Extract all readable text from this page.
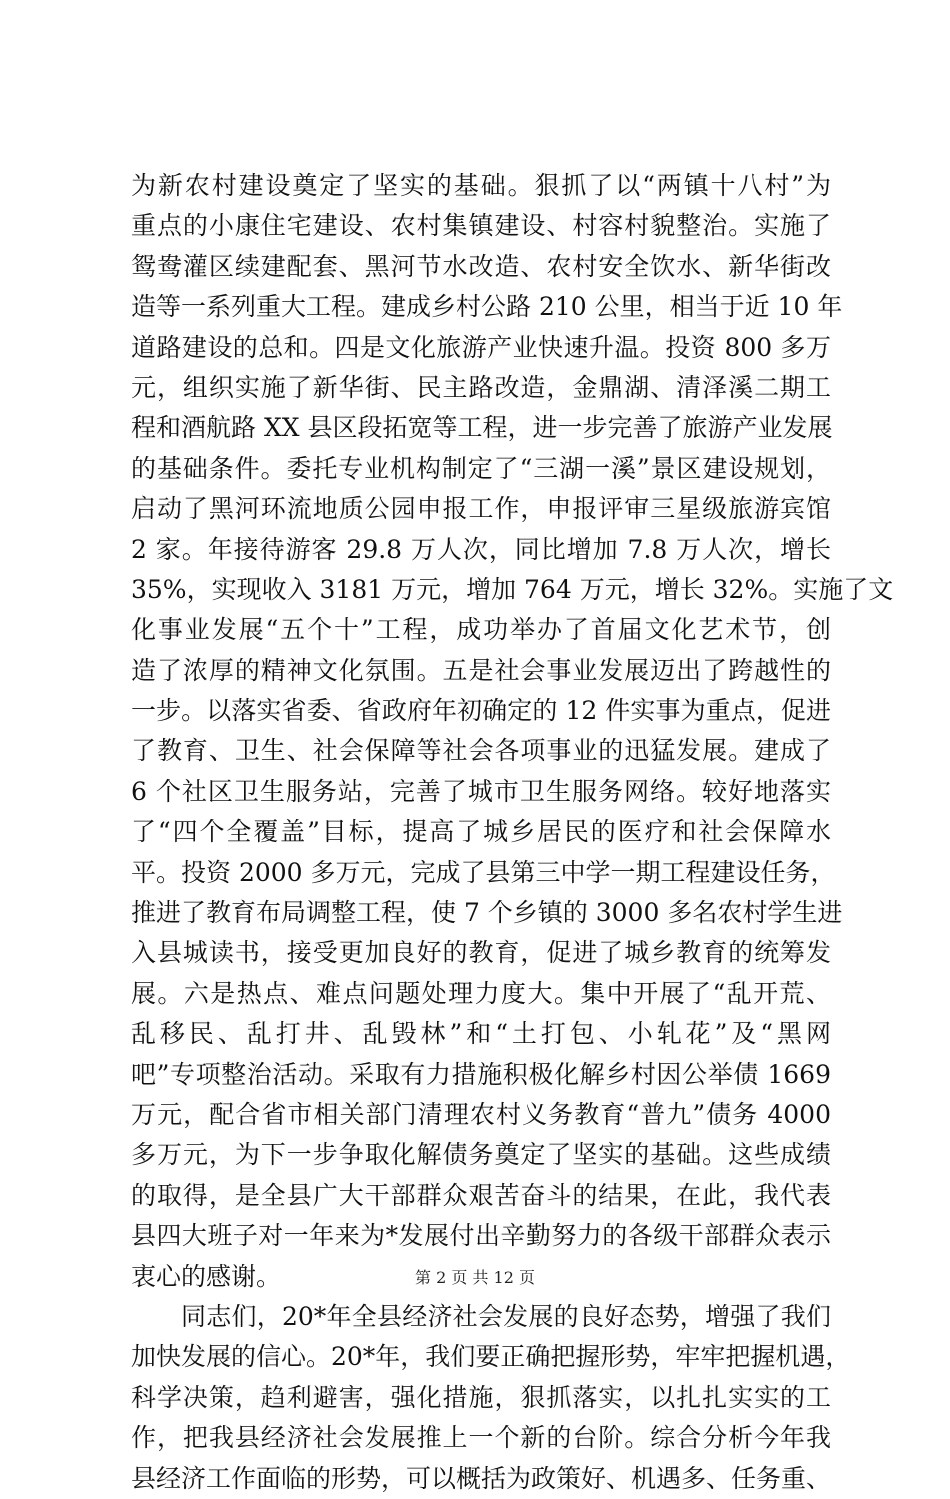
为新农村建设奠定了坚实的基础。狠抓了以“两镇十八村”为
重点的小康住宅建设、农村集镇建设、村容村貌整治。实施了
鸳鸯灌区续建配套、黑河节水改造、农村安全饮水、新华街改
造等一系列重大工程。建成乡村公路 210 公里，相当于近 10 年
道路建设的总和。四是文化旅游产业快速升温。投资 800 多万
元，组织实施了新华街、民主路改造，金鼎湖、清泽溪二期工
程和酒航路 XX 县区段拓宽等工程，进一步完善了旅游产业发展
的基础条件。委托专业机构制定了“三湖一溪”景区建设规划，
启动了黑河环流地质公园申报工作，申报评审三星级旅游宾馆
2 家。年接待游客 29.8 万人次，同比增加 7.8 万人次，增长
35%，实现收入 3181 万元，增加 764 万元，增长 32%。实施了文
化事业发展“五个十”工程，成功举办了首届文化艺术节，创
造了浓厚的精神文化氛围。五是社会事业发展迈出了跨越性的
一步。以落实省委、省政府年初确定的 12 件实事为重点，促进
了教育、卫生、社会保障等社会各项事业的迅猛发展。建成了
6 个社区卫生服务站，完善了城市卫生服务网络。较好地落实
了“四个全覆盖”目标，提高了城乡居民的医疗和社会保障水
平。投资 2000 多万元，完成了县第三中学一期工程建设任务，
推进了教育布局调整工程，使 7 个乡镇的 3000 多名农村学生进
入县城读书，接受更加良好的教育，促进了城乡教育的统筹发
展。六是热点、难点问题处理力度大。集中开展了“乱开荒、
乱移民、乱打井、乱毁林”和“土打包、小轧花”及“黑网
吧”专项整治活动。采取有力措施积极化解乡村因公举债 1669
万元，配合省市相关部门清理农村义务教育“普九”债务 4000
多万元，为下一步争取化解债务奠定了坚实的基础。这些成绩
的取得，是全县广大干部群众艰苦奋斗的结果，在此，我代表
县四大班子对一年来为*发展付出辛勤努力的各级干部群众表示
衷心的感谢。
同志们，20*年全县经济社会发展的良好态势，增强了我们
加快发展的信心。20*年，我们要正确把握形势，牢牢把握机遇，
科学决策，趋利避害，强化措施，狠抓落实，以扎扎实实的工
作，把我县经济社会发展推上一个新的台阶。综合分析今年我
县经济工作面临的形势，可以概括为政策好、机遇多、任务重、
第 2 页 共 12 页
